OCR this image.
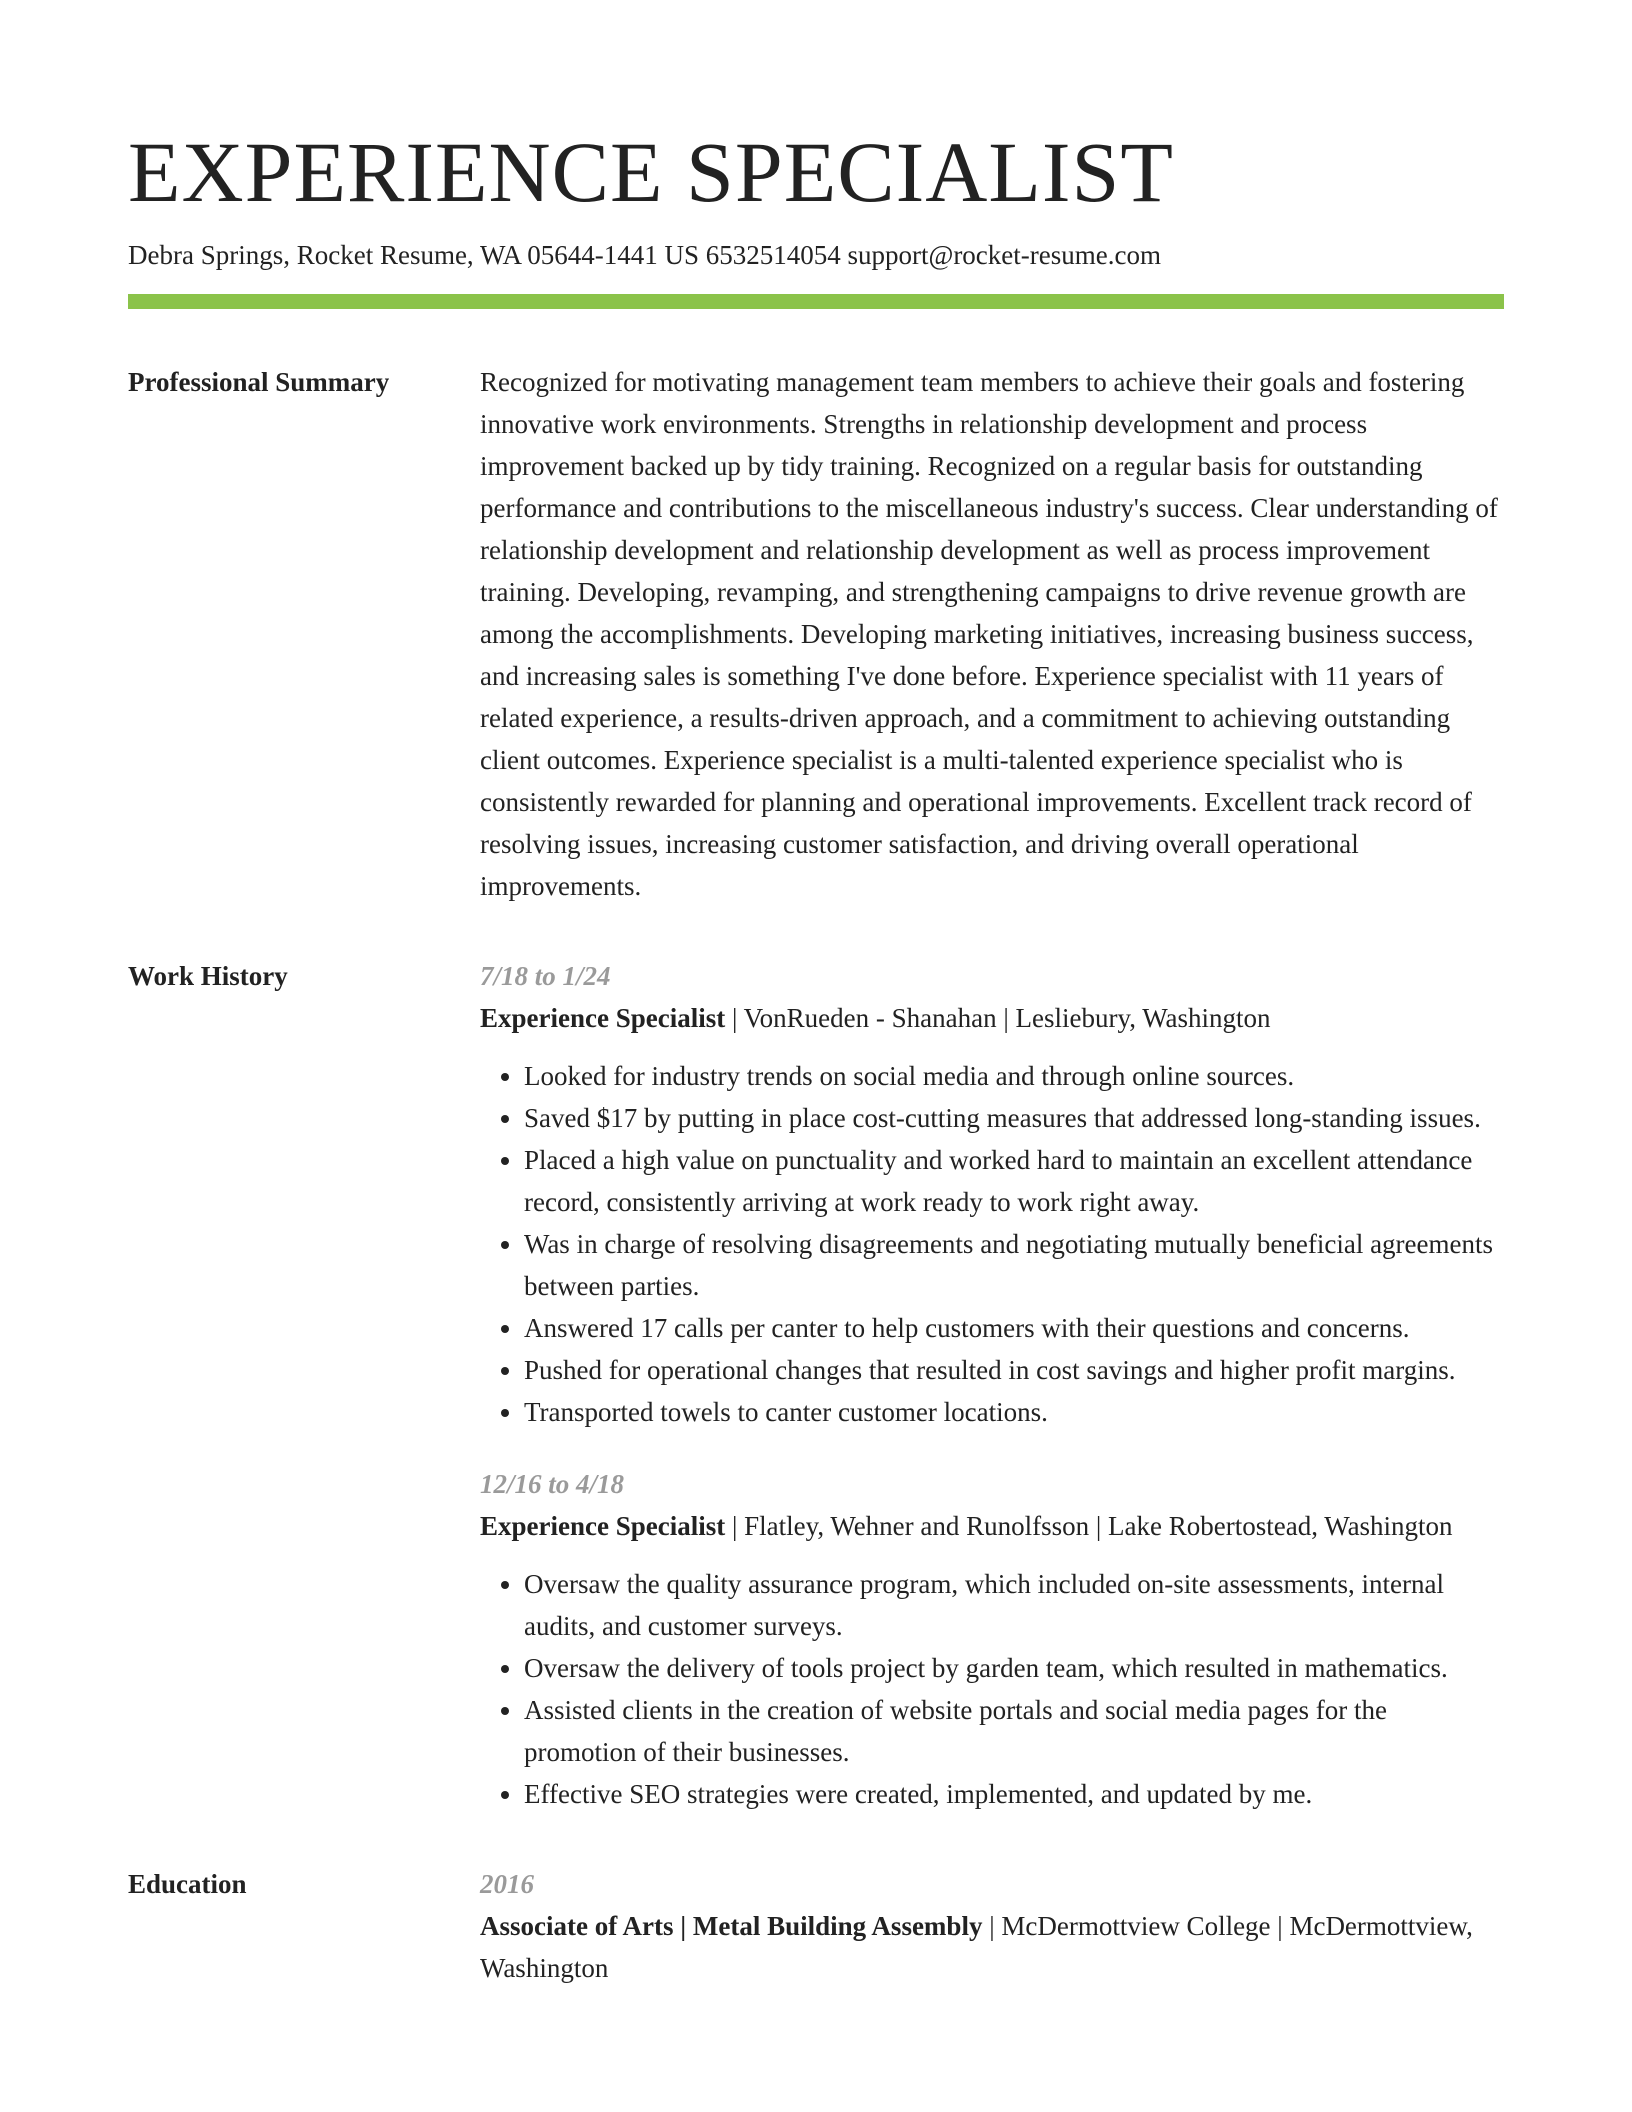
EXPERIENCE SPECIALIST
Debra Springs, Rocket Resume, WA 05644-1441 US 6532514054 support@rocket-resume.com
Professional Summary	Recognized for motivating management team members to achieve their goals and fostering innovative work environments. Strengths in relationship development and process improvement backed up by tidy training. Recognized on a regular basis for outstanding performance and contributions to the miscellaneous industry's success. Clear understanding of relationship development and relationship development as well as process improvement training. Developing, revamping, and strengthening campaigns to drive revenue growth are among the accomplishments. Developing marketing initiatives, increasing business success, and increasing sales is something I've done before. Experience specialist with 11 years of related experience, a results-driven approach, and a commitment to achieving outstanding client outcomes. Experience specialist is a multi-talented experience specialist who is consistently rewarded for planning and operational improvements. Excellent track record of resolving issues, increasing customer satisfaction, and driving overall operational improvements.

Work History	7/18 to 1/24
Experience Specialist | VonRueden - Shanahan | Lesliebury, Washington
• Looked for industry trends on social media and through online sources.
• Saved $17 by putting in place cost-cutting measures that addressed long-standing issues.
• Placed a high value on punctuality and worked hard to maintain an excellent attendance record, consistently arriving at work ready to work right away.
• Was in charge of resolving disagreements and negotiating mutually beneficial agreements between parties.
• Answered 17 calls per canter to help customers with their questions and concerns.
• Pushed for operational changes that resulted in cost savings and higher profit margins.
• Transported towels to canter customer locations.
12/16 to 4/18
Experience Specialist | Flatley, Wehner and Runolfsson | Lake Robertostead, Washington
• Oversaw the quality assurance program, which included on-site assessments, internal audits, and customer surveys.
• Oversaw the delivery of tools project by garden team, which resulted in mathematics.
• Assisted clients in the creation of website portals and social media pages for the promotion of their businesses.
• Effective SEO strategies were created, implemented, and updated by me.
Education	2016
Associate of Arts | Metal Building Assembly | McDermottview College | McDermottview, Washington
